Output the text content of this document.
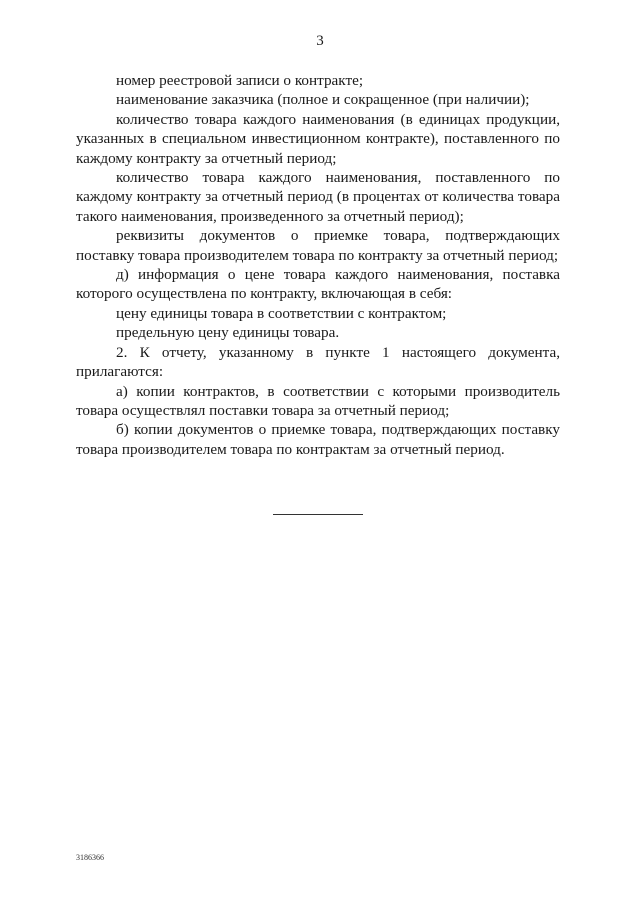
3

номер реестровой записи о контракте;

наименование заказчика (полное и сокращенное (при наличии);

количество товара каждого наименования (в единицах продукции, указанных в специальном инвестиционном контракте), поставленного по каждому контракту за отчетный период;

количество товара каждого наименования, поставленного по каждому контракту за отчетный период (в процентах от количества товара такого наименования, произведенного за отчетный период);

реквизиты документов о приемке товара, подтверждающих поставку товара производителем товара по контракту за отчетный период;

д) информация о цене товара каждого наименования, поставка которого осуществлена по контракту, включающая в себя:

цену единицы товара в соответствии с контрактом;

предельную цену единицы товара.

2. К отчету, указанному в пункте 1 настоящего документа, прилагаются:

а) копии контрактов, в соответствии с которыми производитель товара осуществлял поставки товара за отчетный период;

б) копии документов о приемке товара, подтверждающих поставку товара производителем товара по контрактам за отчетный период.

3186366
